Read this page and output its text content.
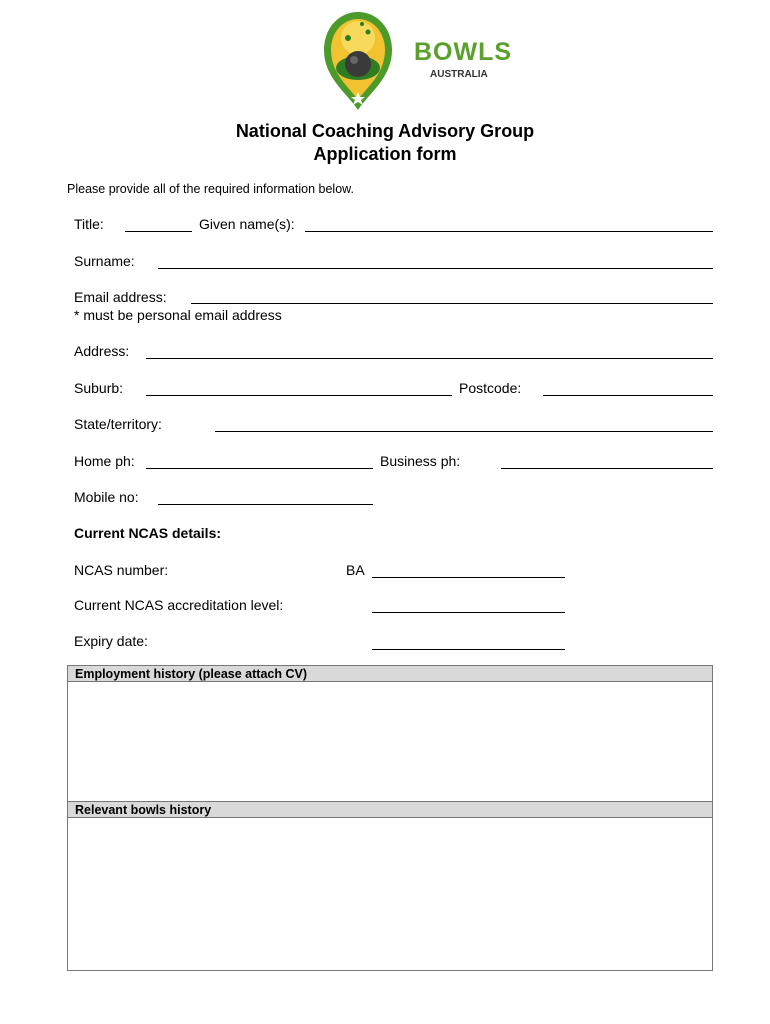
BOWLS
AUSTRALIA
National Coaching Advisory Group
Application form
Please provide all of the required information below.
Title:	Given name(s):
Surname:
Email address:
* must be personal email address
Address:
Suburb:	Postcode:
State/territory:
Home ph:	Business ph:
Mobile no:
Current NCAS details:
NCAS number:	BA
Current NCAS accreditation level:
Expiry date:
Employment history (please attach CV)
Relevant bowls history
